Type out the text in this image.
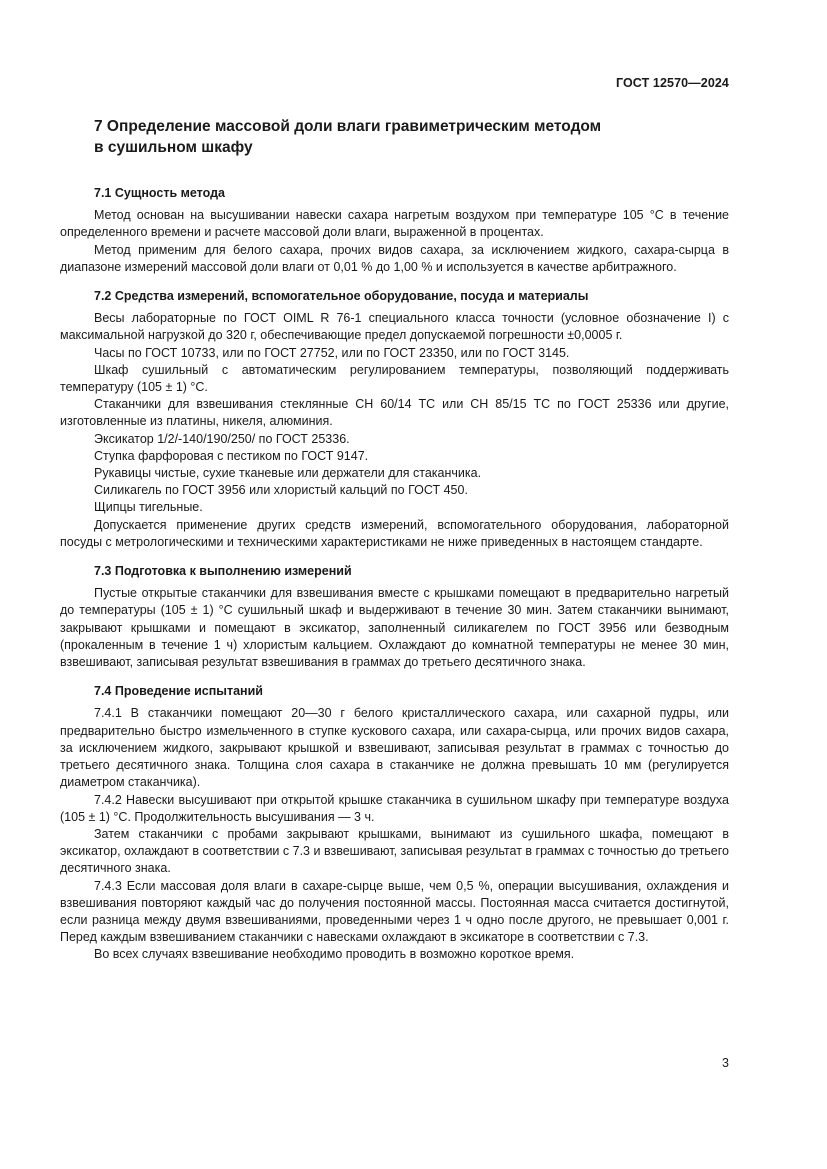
ГОСТ 12570—2024
7 Определение массовой доли влаги гравиметрическим методом
в сушильном шкафу
7.1 Сущность метода

Метод основан на высушивании навески сахара нагретым воздухом при температуре 105 °C в течение определенного времени и расчете массовой доли влаги, выраженной в процентах.

Метод применим для белого сахара, прочих видов сахара, за исключением жидкого, сахара-сырца в диапазоне измерений массовой доли влаги от 0,01 % до 1,00 % и используется в качестве арбитражного.

7.2 Средства измерений, вспомогательное оборудование, посуда и материалы

Весы лабораторные по ГОСТ OIML R 76-1 специального класса точности (условное обозначение I) с максимальной нагрузкой до 320 г, обеспечивающие предел допускаемой погрешности ±0,0005 г.

Часы по ГОСТ 10733, или по ГОСТ 27752, или по ГОСТ 23350, или по ГОСТ 3145.

Шкаф сушильный с автоматическим регулированием температуры, позволяющий поддерживать температуру (105 ± 1) °C.

Стаканчики для взвешивания стеклянные СН 60/14 ТС или СН 85/15 ТС по ГОСТ 25336 или другие, изготовленные из платины, никеля, алюминия.

Эксикатор 1/2/-140/190/250/ по ГОСТ 25336.

Ступка фарфоровая с пестиком по ГОСТ 9147.

Рукавицы чистые, сухие тканевые или держатели для стаканчика.

Силикагель по ГОСТ 3956 или хлористый кальций по ГОСТ 450.

Щипцы тигельные.

Допускается применение других средств измерений, вспомогательного оборудования, лабораторной посуды с метрологическими и техническими характеристиками не ниже приведенных в настоящем стандарте.

7.3 Подготовка к выполнению измерений

Пустые открытые стаканчики для взвешивания вместе с крышками помещают в предварительно нагретый до температуры (105 ± 1) °C сушильный шкаф и выдерживают в течение 30 мин. Затем стаканчики вынимают, закрывают крышками и помещают в эксикатор, заполненный силикагелем по ГОСТ 3956 или безводным (прокаленным в течение 1 ч) хлористым кальцием. Охлаждают до комнатной температуры не менее 30 мин, взвешивают, записывая результат взвешивания в граммах до третьего десятичного знака.

7.4 Проведение испытаний

7.4.1 В стаканчики помещают 20—30 г белого кристаллического сахара, или сахарной пудры, или предварительно быстро измельченного в ступке кускового сахара, или сахара-сырца, или прочих видов сахара, за исключением жидкого, закрывают крышкой и взвешивают, записывая результат в граммах с точностью до третьего десятичного знака. Толщина слоя сахара в стаканчике не должна превышать 10 мм (регулируется диаметром стаканчика).

7.4.2 Навески высушивают при открытой крышке стаканчика в сушильном шкафу при температуре воздуха (105 ± 1) °C. Продолжительность высушивания — 3 ч.

Затем стаканчики с пробами закрывают крышками, вынимают из сушильного шкафа, помещают в эксикатор, охлаждают в соответствии с 7.3 и взвешивают, записывая результат в граммах с точностью до третьего десятичного знака.

7.4.3 Если массовая доля влаги в сахаре-сырце выше, чем 0,5 %, операции высушивания, охлаждения и взвешивания повторяют каждый час до получения постоянной массы. Постоянная масса считается достигнутой, если разница между двумя взвешиваниями, проведенными через 1 ч одно после другого, не превышает 0,001 г. Перед каждым взвешиванием стаканчики с навесками охлаждают в эксикаторе в соответствии с 7.3.

Во всех случаях взвешивание необходимо проводить в возможно короткое время.

3
